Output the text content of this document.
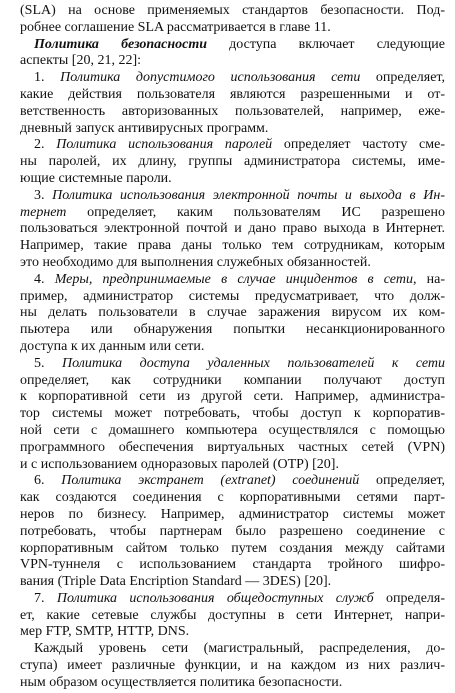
(SLA) на основе применяемых стандартов безопасности. Под-
робнее соглашение SLA рассматривается в главе 11.
Политика безопасности доступа включает следующие
аспекты [20, 21, 22]:
1. Политика допустимого использования сети определяет,
какие действия пользователя являются разрешенными и от-
ветственность авторизованных пользователей, например, еже-
дневный запуск антивирусных программ.
2. Политика использования паролей определяет частоту сме-
ны паролей, их длину, группы администратора системы, име-
ющие системные пароли.
3. Политика использования электронной почты и выхода в Ин-
тернет определяет, каким пользователям ИС разрешено
пользоваться электронной почтой и дано право выхода в Интернет.
Например, такие права даны только тем сотрудникам, которым
это необходимо для выполнения служебных обязанностей.
4. Меры, предпринимаемые в случае инцидентов в сети, на-
пример, администратор системы предусматривает, что долж-
ны делать пользователи в случае заражения вирусом их ком-
пьютера или обнаружения попытки несанкционированного
доступа к их данным или сети.
5. Политика доступа удаленных пользователей к сети
определяет, как сотрудники компании получают доступ
к корпоративной сети из другой сети. Например, администра-
тор системы может потребовать, чтобы доступ к корпоратив-
ной сети с домашнего компьютера осуществлялся с помощью
программного обеспечения виртуальных частных сетей (VPN)
и с использованием одноразовых паролей (ОТР) [20].
6. Политика экстранет (extranet) соединений определяет,
как создаются соединения с корпоративными сетями парт-
неров по бизнесу. Например, администратор системы может
потребовать, чтобы партнерам было разрешено соединение с
корпоративным сайтом только путем создания между сайтами
VPN-туннеля с использованием стандарта тройного шифро-
вания (Triple Data Encription Standard — 3DES) [20].
7. Политика использования общедоступных служб определя-
ет, какие сетевые службы доступны в сети Интернет, напри-
мер FTP, SMTP, HTTP, DNS.
Каждый уровень сети (магистральный, распределения, до-
ступа) имеет различные функции, и на каждом из них различ-
ным образом осуществляется политика безопасности.
